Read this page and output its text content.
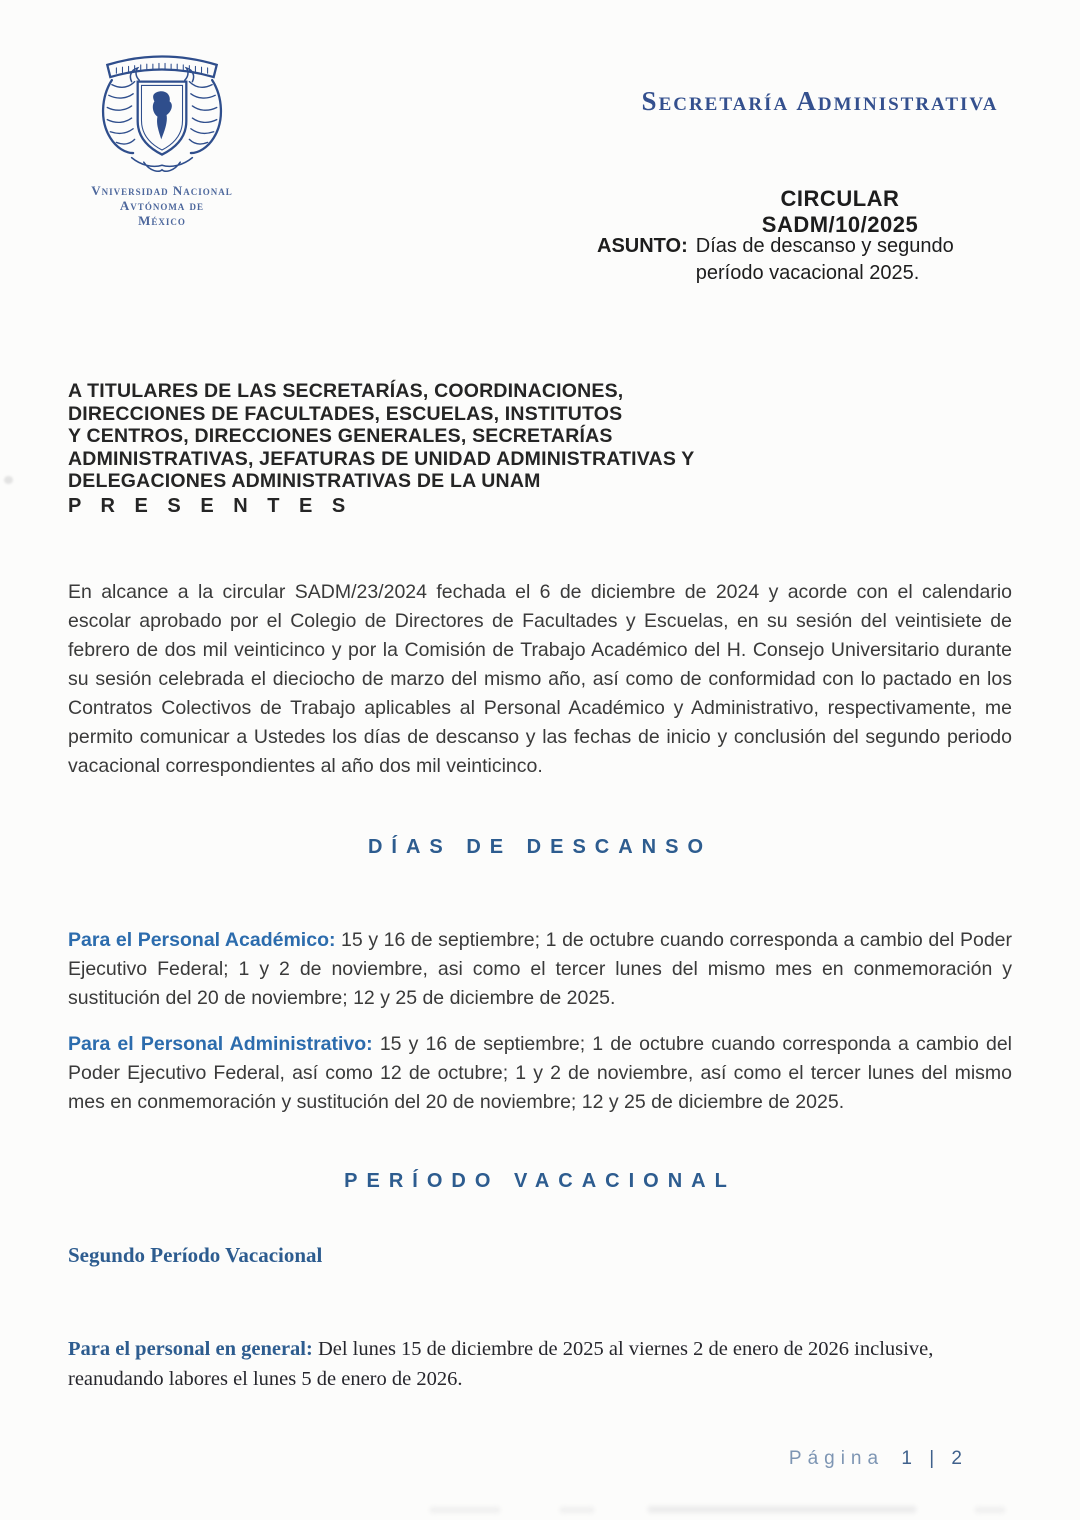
Vniversidad Nacional
Avtónoma de
México
Secretaría Administrativa
CIRCULAR SADM/10/2025
ASUNTO: Días de descanso y segundo período vacacional 2025.
A TITULARES DE LAS SECRETARÍAS, COORDINACIONES,
DIRECCIONES DE FACULTADES, ESCUELAS, INSTITUTOS
Y CENTROS, DIRECCIONES GENERALES, SECRETARÍAS
ADMINISTRATIVAS, JEFATURAS DE UNIDAD ADMINISTRATIVAS Y
DELEGACIONES ADMINISTRATIVAS DE LA UNAM
P R E S E N T E S

En alcance a la circular SADM/23/2024 fechada el 6 de diciembre de 2024 y acorde con el calendario escolar aprobado por el Colegio de Directores de Facultades y Escuelas, en su sesión del veintisiete de febrero de dos mil veinticinco y por la Comisión de Trabajo Académico del H. Consejo Universitario durante su sesión celebrada el dieciocho de marzo del mismo año, así como de conformidad con lo pactado en los Contratos Colectivos de Trabajo aplicables al Personal Académico y Administrativo, respectivamente, me permito comunicar a Ustedes los días de descanso y las fechas de inicio y conclusión del segundo periodo vacacional correspondientes al año dos mil veinticinco.

DÍAS DE DESCANSO

Para el Personal Académico: 15 y 16 de septiembre; 1 de octubre cuando corresponda a cambio del Poder Ejecutivo Federal; 1 y 2 de noviembre, asi como el tercer lunes del mismo mes en conmemoración y sustitución del 20 de noviembre; 12 y 25 de diciembre de 2025.

Para el Personal Administrativo: 15 y 16 de septiembre; 1 de octubre cuando corresponda a cambio del Poder Ejecutivo Federal, así como 12 de octubre; 1 y 2 de noviembre, así como el tercer lunes del mismo mes en conmemoración y sustitución del 20 de noviembre; 12 y 25 de diciembre de 2025.

PERÍODO VACACIONAL
Segundo Período Vacacional

Para el personal en general: Del lunes 15 de diciembre de 2025 al viernes 2 de enero de 2026 inclusive, reanudando labores el lunes 5 de enero de 2026.

Página 1 | 2
